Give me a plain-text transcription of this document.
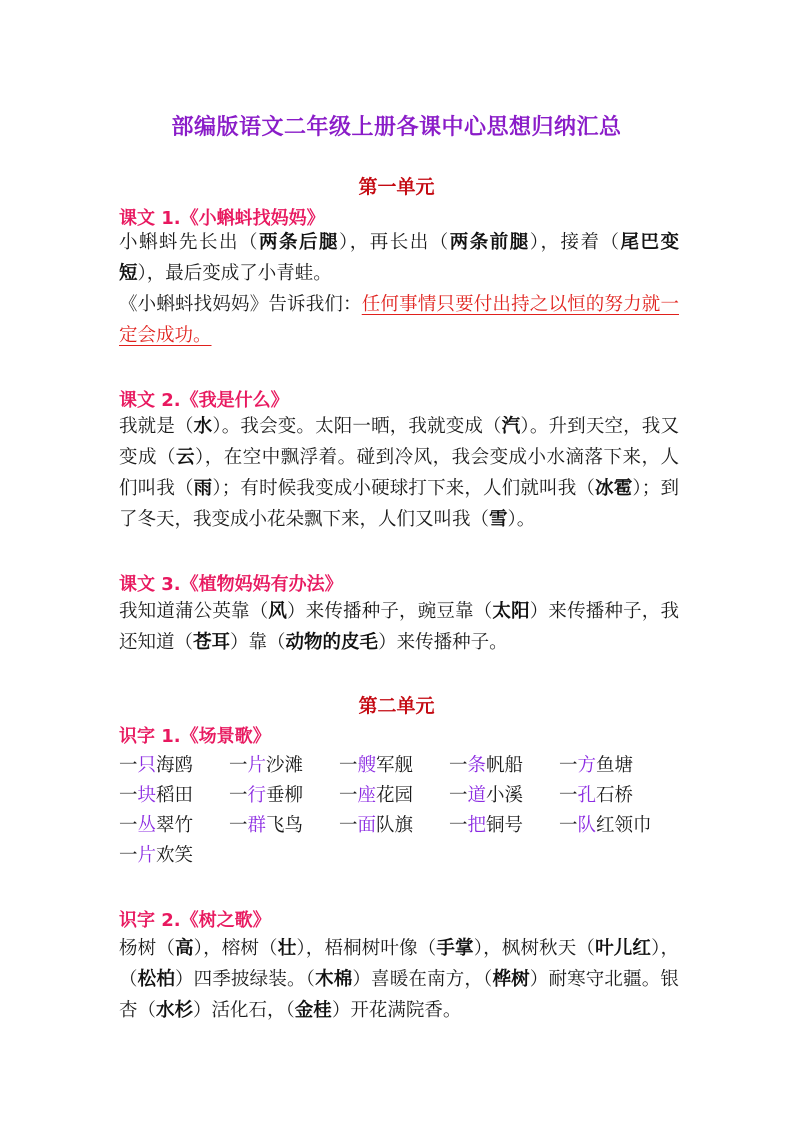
部编版语文二年级上册各课中心思想归纳汇总
第一单元
课文 1.《小蝌蚪找妈妈》
小蝌蚪先长出（两条后腿），再长出（两条前腿），接着（尾巴变短），最后变成了小青蛙。
《小蝌蚪找妈妈》告诉我们：任何事情只要付出持之以恒的努力就一定会成功。
课文 2.《我是什么》
我就是（水）。我会变。太阳一晒，我就变成（汽）。升到天空，我又变成（云），在空中飘浮着。碰到冷风，我会变成小水滴落下来，人们叫我（雨）；有时候我变成小硬球打下来，人们就叫我（冰雹）；到了冬天，我变成小花朵飘下来，人们又叫我（雪）。
课文 3.《植物妈妈有办法》
我知道蒲公英靠（风）来传播种子，豌豆靠（太阳）来传播种子，我还知道（苍耳）靠（动物的皮毛）来传播种子。
第二单元
识字 1.《场景歌》
一只海鸥	一片沙滩	一艘军舰	一条帆船	一方鱼塘
一块稻田	一行垂柳	一座花园	一道小溪	一孔石桥
一丛翠竹	一群飞鸟	一面队旗	一把铜号	一队红领巾
一片欢笑
识字 2.《树之歌》
杨树（高），榕树（壮），梧桐树叶像（手掌），枫树秋天（叶儿红），（松柏）四季披绿装。（木棉）喜暖在南方，（桦树）耐寒守北疆。银杏（水杉）活化石，（金桂）开花满院香。
